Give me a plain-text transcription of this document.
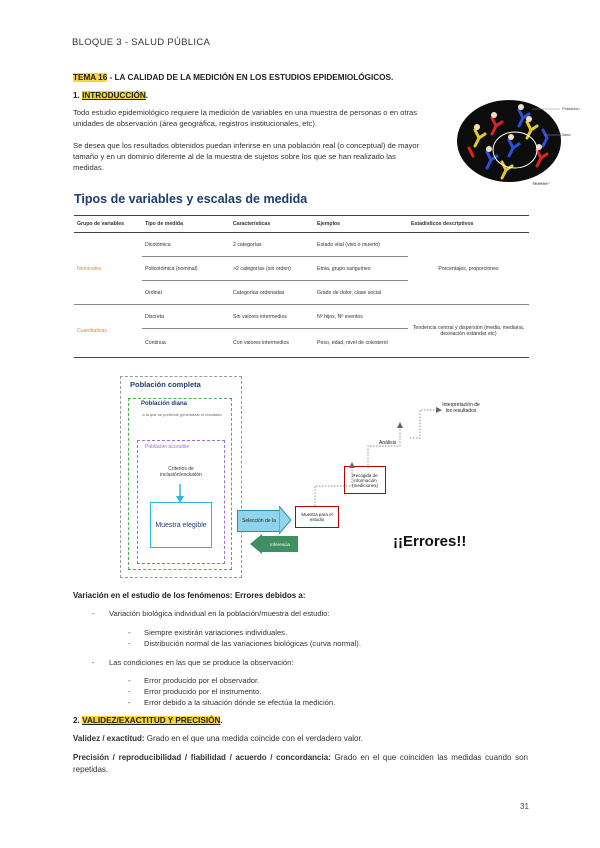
BLOQUE 3 - SALUD PÚBLICA
TEMA 16 - LA CALIDAD DE LA MEDICIÓN EN LOS ESTUDIOS EPIDEMIOLÓGICOS.
1. INTRODUCCIÓN.
Todo estudio epidemiológico requiere la medición de variables en una muestra de personas o en otras unidades de observación (área geográfica, registros institucionales, etc).
Se desea que los resultados obtenidos puedan inferirse en una población real (o conceptual) de mayor tamaño y en un dominio diferente al de la muestra de sujetos sobre los que se han realizado las medidas.
Población
Diana
Muestra
Tipos de variables y escalas de medida
Grupo de variables	Tipo de medida	Características	Ejemplos	Estadísticos descriptivos
Nominales	Dicotómica	2 categorías	Estado vital (vivo o muerto)	Porcentajes, proporciones
	Policotómica (nominal)	>2 categorías (sin orden)	Etnia, grupo sanguíneo	
	Ordinal	Categorías ordenadas	Grado de dolor, clase social	
Cuantitativas	Discreta	Sin valores intermedios	Nº hijos, Nº eventos	Tendencia central y dispersión (media, mediana, desviación estándar etc)
	Continua	Con valores intermedios	Peso, edad, nivel de colesterol	
Población completa
Población diana
a la que se pretende generalizar el resultado
Población accesible
Criterios de inclusión/exclusión
Muestra elegible
Selección de la
Inferencia
Muestra para el estudio
Recogida de información (mediciones)
Análisis
Interpretación de los resultados
¡¡Errores!!
Variación en el estudio de los fenómenos: Errores debidos a:
- Variación biológica individual en la población/muestra del estudio:
- Siempre existirán variaciones individuales.
- Distribución normal de las variaciones biológicas (curva normal).
- Las condiciones en las que se produce la observación:
- Error producido por el observador.
- Error producido por el instrumento.
- Error debido a la situación dónde se efectúa la medición.
2. VALIDEZ/EXACTITUD Y PRECISIÓN.
Validez / exactitud: Grado en el que una medida coincide con el verdadero valor.
Precisión / reproducibilidad / fiabilidad / acuerdo / concordancia: Grado en el que coinciden las medidas cuando son repetidas.
31
